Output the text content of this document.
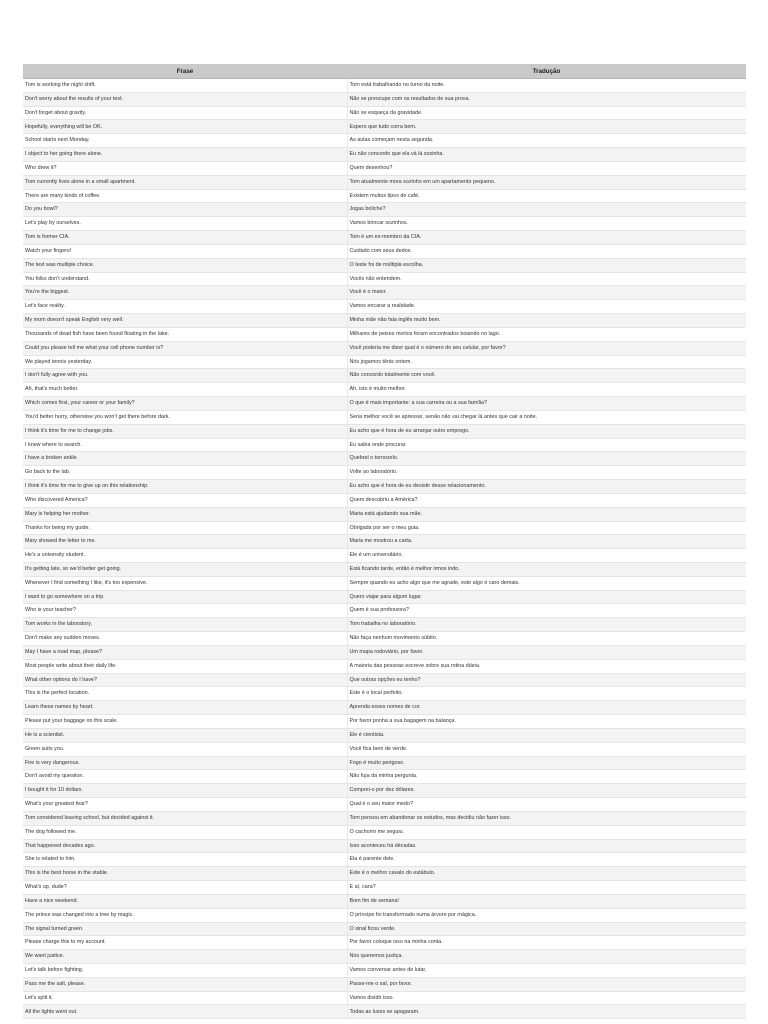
Frase	Tradução
Tom is working the night shift.	Tom está trabalhando no turno da noite.
Don't worry about the results of your test.	Não se preocupe com os resultados de sua prova.
Don't forget about gravity.	Não se esqueça da gravidade.
Hopefully, everything will be OK.	Espero que tudo corra bem.
School starts next Monday.	As aulas começam nesta segunda.
I object to her going there alone.	Eu não concordo que ela vá lá sozinha.
Who drew it?	Quem desenhou?
Tom currently lives alone in a small apartment.	Tom atualmente mora sozinho em um apartamento pequeno.
There are many kinds of coffee.	Existem muitos tipos de café.
Do you bowl?	Jogas boliche?
Let's play by ourselves.	Vamos brincar sozinhos.
Tom is former CIA.	Tom é um ex-membro da CIA.
Watch your fingers!	Cuidado com seus dedos.
The test was multiple choice.	O teste foi de múltipla escolha.
You folks don't understand.	Vocês não entendem.
You're the biggest.	Você é o maior.
Let's face reality.	Vamos encarar a realidade.
My mom doesn't speak English very well.	Minha mãe não fala inglês muito bem.
Thousands of dead fish have been found floating in the lake.	Milhares de peixes mortos foram encontrados boiando no lago.
Could you please tell me what your cell phone number is?	Você poderia me dizer qual é o número do seu celular, por favor?
We played tennis yesterday.	Nós jogamos tênis ontem.
I don't fully agree with you.	Não concordo totalmente com você.
Ah, that's much better.	Ah, isto é muito melhor.
Which comes first, your career or your family?	O que é mais importante: a sua carreira ou a sua família?
You'd better hurry, otherwise you won't get there before dark.	Seria melhor você se apressar, senão não vai chegar lá antes que cair a noite.
I think it's time for me to change jobs.	Eu acho que é hora de eu arranjar outro emprego.
I knew where to search.	Eu sabia onde procurar.
I have a broken ankle.	Quebrei o tornozelo.
Go back to the lab.	Volte ao laboratório.
I think it's time for me to give up on this relationship.	Eu acho que é hora de eu desistir desse relacionamento.
Who discovered America?	Quem descobriu a América?
Mary is helping her mother.	Maria está ajudando sua mãe.
Thanks for being my guide.	Obrigada por ser o meu guia.
Mary showed the letter to me.	Maria me mostrou a carta.
He's a university student.	Ele é um universitário.
It's getting late, so we'd better get going.	Está ficando tarde, então é melhor irmos indo.
Whenever I find something I like, it's too expensive.	Sempre quando eu acho algo que me agrade, este algo é caro demais.
I want to go somewhere on a trip.	Quero viajar para algum lugar.
Who is your teacher?	Quem é sua professora?
Tom works in the laboratory.	Tom trabalha no laboratório.
Don't make any sudden moves.	Não faça nenhum movimento súbito.
May I have a road map, please?	Um mapa rodoviário, por favor.
Most people write about their daily life.	A maioria das pessoas escreve sobre sua rotina diária.
What other options do I have?	Que outras opções eu tenho?
This is the perfect location.	Este é o local perfeito.
Learn these names by heart.	Aprenda esses nomes de cor.
Please put your baggage on this scale.	Por favor ponha a sua bagagem na balança.
He is a scientist.	Ele é cientista.
Green suits you.	Você fica bem de verde.
Fire is very dangerous.	Fogo é muito perigoso.
Don't avoid my question.	Não fuja da minha pergunta.
I bought it for 10 dollars.	Comprei-o por dez dólares.
What's your greatest fear?	Qual é o seu maior medo?
Tom considered leaving school, but decided against it.	Tom pensou em abandonar os estudos, mas decidiu não fazer isso.
The dog followed me.	O cachorro me seguiu.
That happened decades ago.	Isso aconteceu há décadas.
She is related to him.	Ela é parente dele.
This is the best horse in the stable.	Este é o melhor cavalo do estábulo.
What's up, dude?	E aí, cara?
Have a nice weekend.	Bom fim de semana!
The prince was changed into a tree by magic.	O príncipe foi transformado numa árvore por mágica.
The signal turned green.	O sinal ficou verde.
Please charge this to my account.	Por favor coloque isso na minha conta.
We want justice.	Nós queremos justiça.
Let's talk before fighting.	Vamos conversar antes de lutar.
Pass me the salt, please.	Passe-me o sal, por favor.
Let's split it.	Vamos dividir isso.
All the lights went out.	Todas as luzes se apagaram.
